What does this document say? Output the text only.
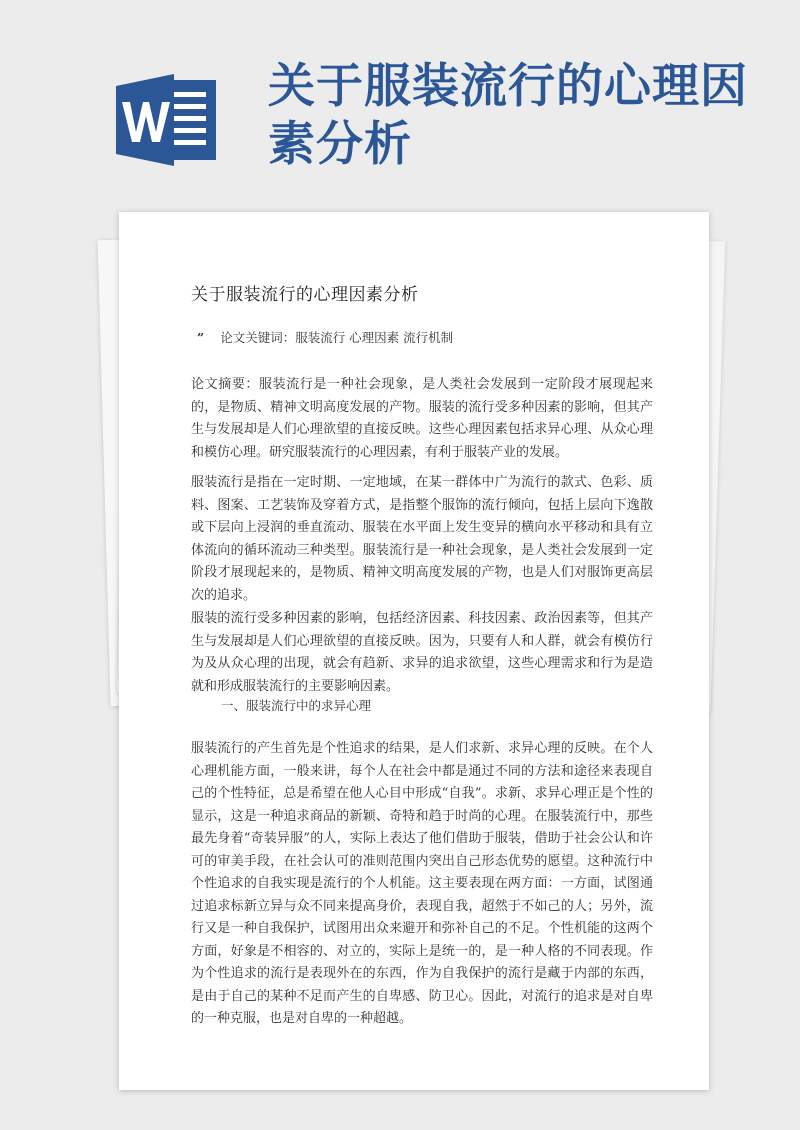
关于服装流行的心理因素分析
关于服装流行的心理因素分析
” 论文关键词：服装流行 心理因素 流行机制

论文摘要：服装流行是一种社会现象，是人类社会发展到一定阶段才展现起来的，是物质、精神文明高度发展的产物。服装的流行受多种因素的影响，但其产生与发展却是人们心理欲望的直接反映。这些心理因素包括求异心理、从众心理和模仿心理。研究服装流行的心理因素，有利于服装产业的发展。

服装流行是指在一定时期、一定地域，在某一群体中广为流行的款式、色彩、质料、图案、工艺装饰及穿着方式，是指整个服饰的流行倾向，包括上层向下逸散或下层向上浸润的垂直流动、服装在水平面上发生变异的横向水平移动和具有立体流向的循环流动三种类型。服装流行是一种社会现象，是人类社会发展到一定阶段才展现起来的，是物质、精神文明高度发展的产物，也是人们对服饰更高层次的追求。

服装的流行受多种因素的影响，包括经济因素、科技因素、政治因素等，但其产生与发展却是人们心理欲望的直接反映。因为，只要有人和人群，就会有模仿行为及从众心理的出现，就会有趋新、求异的追求欲望，这些心理需求和行为是造就和形成服装流行的主要影响因素。

一、服装流行中的求异心理

服装流行的产生首先是个性追求的结果，是人们求新、求异心理的反映。在个人心理机能方面，一般来讲，每个人在社会中都是通过不同的方法和途径来表现自己的个性特征，总是希望在他人心目中形成“自我”。求新、求异心理正是个性的显示，这是一种追求商品的新颖、奇特和趋于时尚的心理。在服装流行中，那些最先身着“奇装异服”的人，实际上表达了他们借助于服装，借助于社会公认和许可的审美手段，在社会认可的准则范围内突出自己形态优势的愿望。这种流行中个性追求的自我实现是流行的个人机能。这主要表现在两方面：一方面，试图通过追求标新立异与众不同来提高身价，表现自我，超然于不如己的人；另外，流行又是一种自我保护，试图用出众来避开和弥补自己的不足。个性机能的这两个方面，好象是不相容的、对立的，实际上是统一的，是一种人格的不同表现。作为个性追求的流行是表现外在的东西，作为自我保护的流行是藏于内部的东西，是由于自己的某种不足而产生的自卑感、防卫心。因此，对流行的追求是对自卑的一种克服，也是对自卑的一种超越。
